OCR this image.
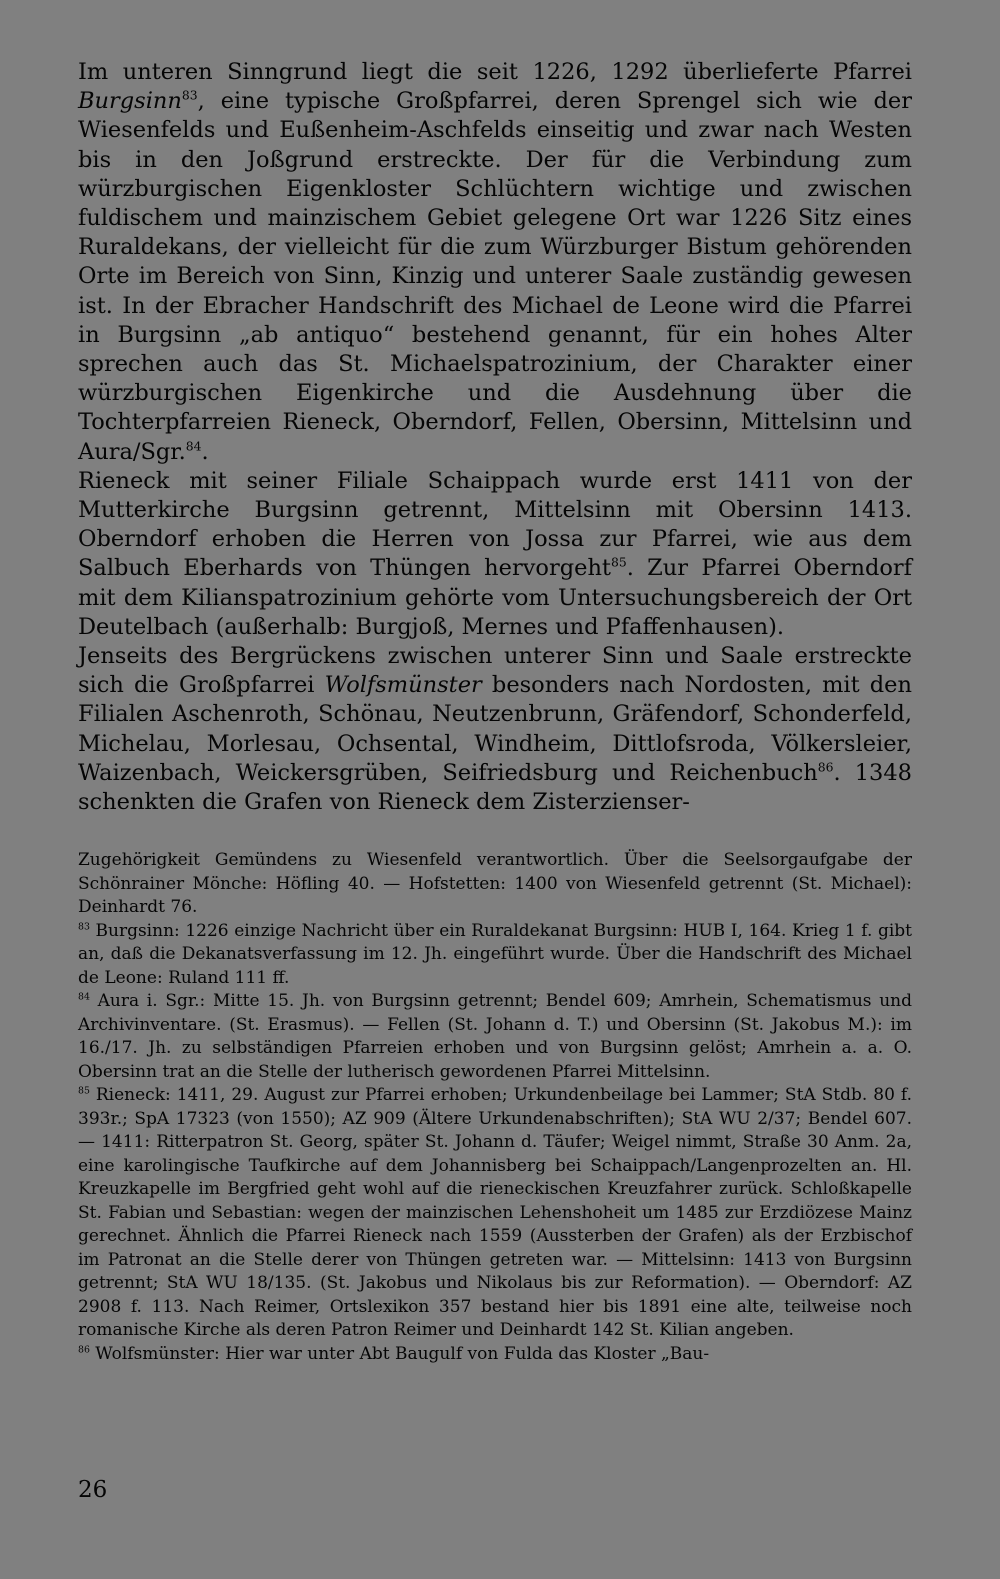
Im unteren Sinngrund liegt die seit 1226, 1292 überlieferte Pfarrei Burgsinn$^{83}$, eine typische Großpfarrei, deren Sprengel sich wie der Wiesenfelds und Eußenheim-Aschfelds einseitig und zwar nach Westen bis in den Joßgrund erstreckte. Der für die Verbindung zum würzburgischen Eigenkloster Schlüchtern wichtige und zwischen fuldischem und mainzischem Gebiet gelegene Ort war 1226 Sitz eines Ruraldekans, der vielleicht für die zum Würzburger Bistum gehörenden Orte im Bereich von Sinn, Kinzig und unterer Saale zuständig gewesen ist. In der Ebracher Handschrift des Michael de Leone wird die Pfarrei in Burgsinn „ab antiquo“ bestehend genannt, für ein hohes Alter sprechen auch das St. Michaelspatrozinium, der Charakter einer würzburgischen Eigenkirche und die Ausdehnung über die Tochterpfarreien Rieneck, Oberndorf, Fellen, Obersinn, Mittelsinn und Aura/Sgr.$^{84}$.

Rieneck mit seiner Filiale Schaippach wurde erst 1411 von der Mutterkirche Burgsinn getrennt, Mittelsinn mit Obersinn 1413. Oberndorf erhoben die Herren von Jossa zur Pfarrei, wie aus dem Salbuch Eberhards von Thüngen hervorgeht$^{85}$. Zur Pfarrei Oberndorf mit dem Kilianspatrozinium gehörte vom Untersuchungsbereich der Ort Deutelbach (außerhalb: Burgjoß, Mernes und Pfaffenhausen).

Jenseits des Bergrückens zwischen unterer Sinn und Saale erstreckte sich die Großpfarrei Wolfsmünster besonders nach Nordosten, mit den Filialen Aschenroth, Schönau, Neutzenbrunn, Gräfendorf, Schonderfeld, Michelau, Morlesau, Ochsental, Windheim, Dittlofsroda, Völkersleier, Waizenbach, Weickersgrüben, Seifriedsburg und Reichenbuch$^{86}$. 1348 schenkten die Grafen von Rieneck dem Zisterzienser-

Zugehörigkeit Gemündens zu Wiesenfeld verantwortlich. Über die Seelsorgaufgabe der Schönrainer Mönche: Höfling 40. — Hofstetten: 1400 von Wiesenfeld getrennt (St. Michael): Deinhardt 76.

$^{83}$ Burgsinn: 1226 einzige Nachricht über ein Ruraldekanat Burgsinn: HUB I, 164. Krieg 1 f. gibt an, daß die Dekanatsverfassung im 12. Jh. eingeführt wurde. Über die Handschrift des Michael de Leone: Ruland 111 ff.

$^{84}$ Aura i. Sgr.: Mitte 15. Jh. von Burgsinn getrennt; Bendel 609; Amrhein, Schematismus und Archivinventare. (St. Erasmus). — Fellen (St. Johann d. T.) und Obersinn (St. Jakobus M.): im 16./17. Jh. zu selbständigen Pfarreien erhoben und von Burgsinn gelöst; Amrhein a. a. O. Obersinn trat an die Stelle der lutherisch gewordenen Pfarrei Mittelsinn.

$^{85}$ Rieneck: 1411, 29. August zur Pfarrei erhoben; Urkundenbeilage bei Lammer; StA Stdb. 80 f. 393r.; SpA 17323 (von 1550); AZ 909 (Ältere Urkundenabschriften); StA WU 2/37; Bendel 607. — 1411: Ritterpatron St. Georg, später St. Johann d. Täufer; Weigel nimmt, Straße 30 Anm. 2a, eine karolingische Taufkirche auf dem Johannisberg bei Schaippach/Langenprozelten an. Hl. Kreuzkapelle im Bergfried geht wohl auf die rieneckischen Kreuzfahrer zurück. Schloßkapelle St. Fabian und Sebastian: wegen der mainzischen Lehenshoheit um 1485 zur Erzdiözese Mainz gerechnet. Ähnlich die Pfarrei Rieneck nach 1559 (Aussterben der Grafen) als der Erzbischof im Patronat an die Stelle derer von Thüngen getreten war. — Mittelsinn: 1413 von Burgsinn getrennt; StA WU 18/135. (St. Jakobus und Nikolaus bis zur Reformation). — Oberndorf: AZ 2908 f. 113. Nach Reimer, Ortslexikon 357 bestand hier bis 1891 eine alte, teilweise noch romanische Kirche als deren Patron Reimer und Deinhardt 142 St. Kilian angeben.

$^{86}$ Wolfsmünster: Hier war unter Abt Baugulf von Fulda das Kloster „Bau-

26
